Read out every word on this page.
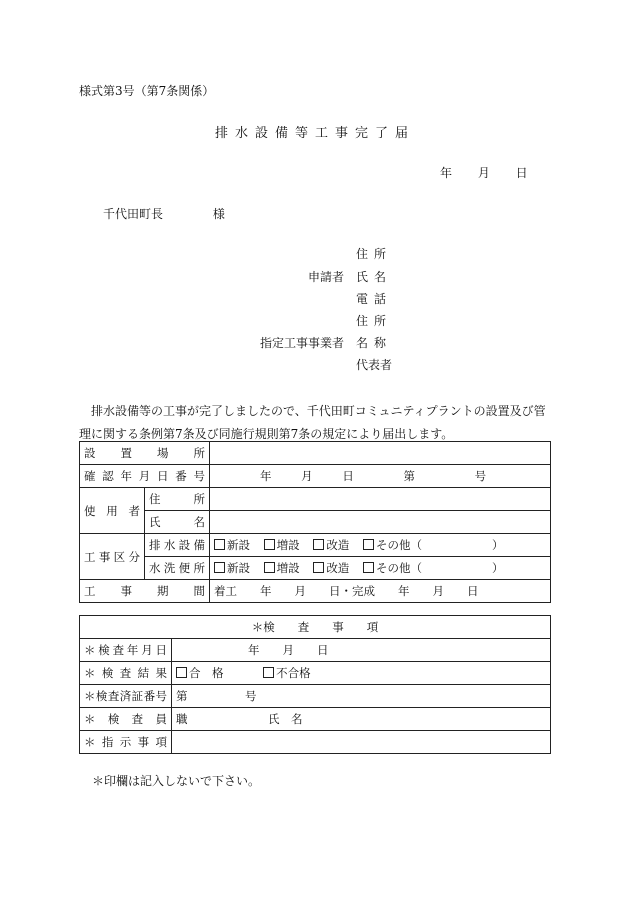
様式第3号（第7条関係）
排水設備等工事完了届
年 月 日
千代田町長	様
住所
申請者 氏名
電話
住所
指定工事事業者 名称
代表者
排水設備等の工事が完了しましたので、千代田町コミュニティプラントの設置及び管理に関する条例第7条及び同施行規則第7条の規定により届出します。
設置場所		
確認年月日番号		年 月 日 第 号
使用者	住所	
	氏名	
工事区分	排水設備	新設 増設 改造 その他（ ）
	水洗便所	新設 増設 改造 その他（ ）
工事期間		着工　　年　　月　　日・完成　　年　　月　　日
＊検　　査　　事　　項	
＊検査年月日	年　　月　　日
＊検査結果	合　格 不合格
＊検査済証番号	第　　　　　号
＊検査員	職　　　　　　　氏　名
＊指示事項	
＊印欄は記入しないで下さい。
